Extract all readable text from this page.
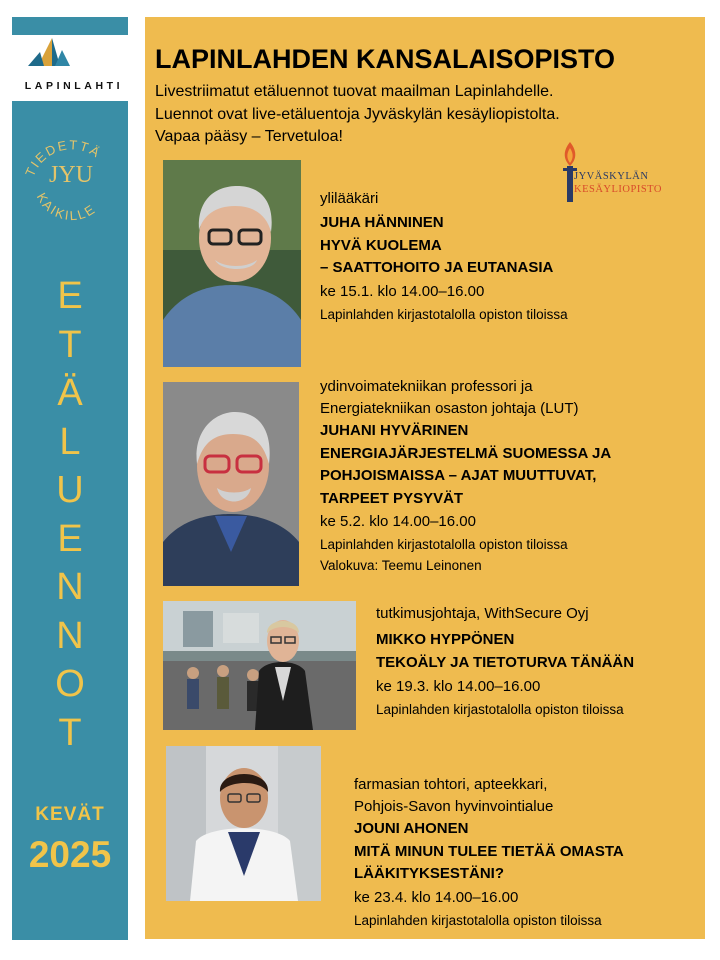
LAPINLAHTI
TIEDETTÄ
KAIKILLE
JYU
E
T
Ä
L
U
E
N
N
O
T
KEVÄT
2025
LAPINLAHDEN KANSALAISOPISTO
Livestriimatut etäluennot tuovat maailman Lapinlahdelle.
Luennot ovat live-etäluentoja Jyväskylän kesäyliopistolta.
Vapaa pääsy – Tervetuloa!
JYVÄSKYLÄN
KESÄYLIOPISTO
ylilääkäri
JUHA HÄNNINEN
HYVÄ KUOLEMA
– SAATTOHOITO JA EUTANASIA
ke 15.1. klo 14.00–16.00
Lapinlahden kirjastotalolla opiston tiloissa
ydinvoimatekniikan professori ja
Energiatekniikan osaston johtaja (LUT)
JUHANI HYVÄRINEN
ENERGIAJÄRJESTELMÄ SUOMESSA JA
POHJOISMAISSA – AJAT MUUTTUVAT,
TARPEET PYSYVÄT
ke 5.2. klo 14.00–16.00
Lapinlahden kirjastotalolla opiston tiloissa
Valokuva: Teemu Leinonen
tutkimusjohtaja, WithSecure Oyj
MIKKO HYPPÖNEN
TEKOÄLY JA TIETOTURVA TÄNÄÄN
ke 19.3. klo 14.00–16.00
Lapinlahden kirjastotalolla opiston tiloissa
farmasian tohtori, apteekkari,
Pohjois-Savon hyvinvointialue
JOUNI AHONEN
MITÄ MINUN TULEE TIETÄÄ OMASTA
LÄÄKITYKSESTÄNI?
ke 23.4. klo 14.00–16.00
Lapinlahden kirjastotalolla opiston tiloissa
